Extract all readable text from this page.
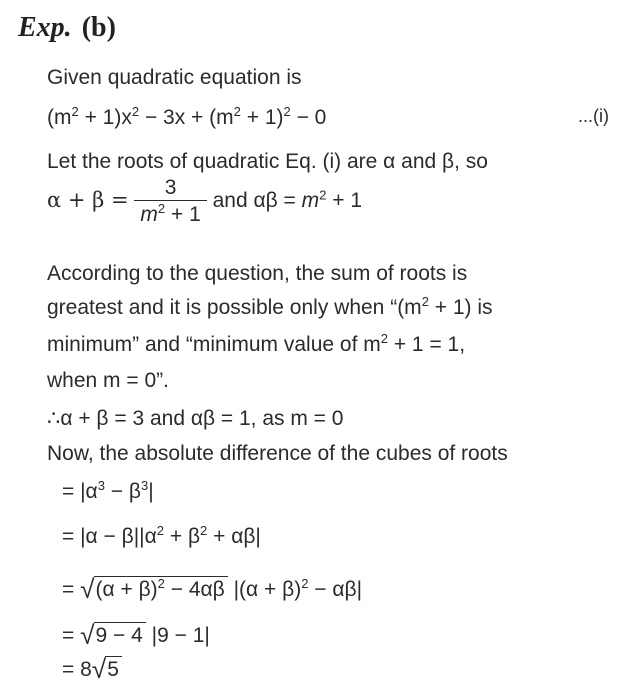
Exp. (b)
Given quadratic equation is
$(m^2 + 1)x^2 - 3x + (m^2 + 1)^2 - 0$	...(i)
Let the roots of quadratic Eq. (i) are α and β, so
$\alpha + \beta = \frac{3}{m^2 + 1}$ and $\alpha\beta = m^2 + 1$
According to the question, the sum of roots is
greatest and it is possible only when “$(m^2 + 1)$ is
minimum” and “minimum value of $m^2 + 1 = 1$,
when m = 0”.
∴α + β = 3 and αβ = 1, as m = 0
Now, the absolute difference of the cubes of roots
= $|\alpha^3 - \beta^3|$
= $|\alpha - \beta||\alpha^2 + \beta^2 + \alpha\beta|$
= $√(\alpha + \beta)^2 - 4\alpha\beta$ $|(\alpha + \beta)^2 - \alpha\beta|$
= √9 − 4 |9 − 1|
= 8√5
